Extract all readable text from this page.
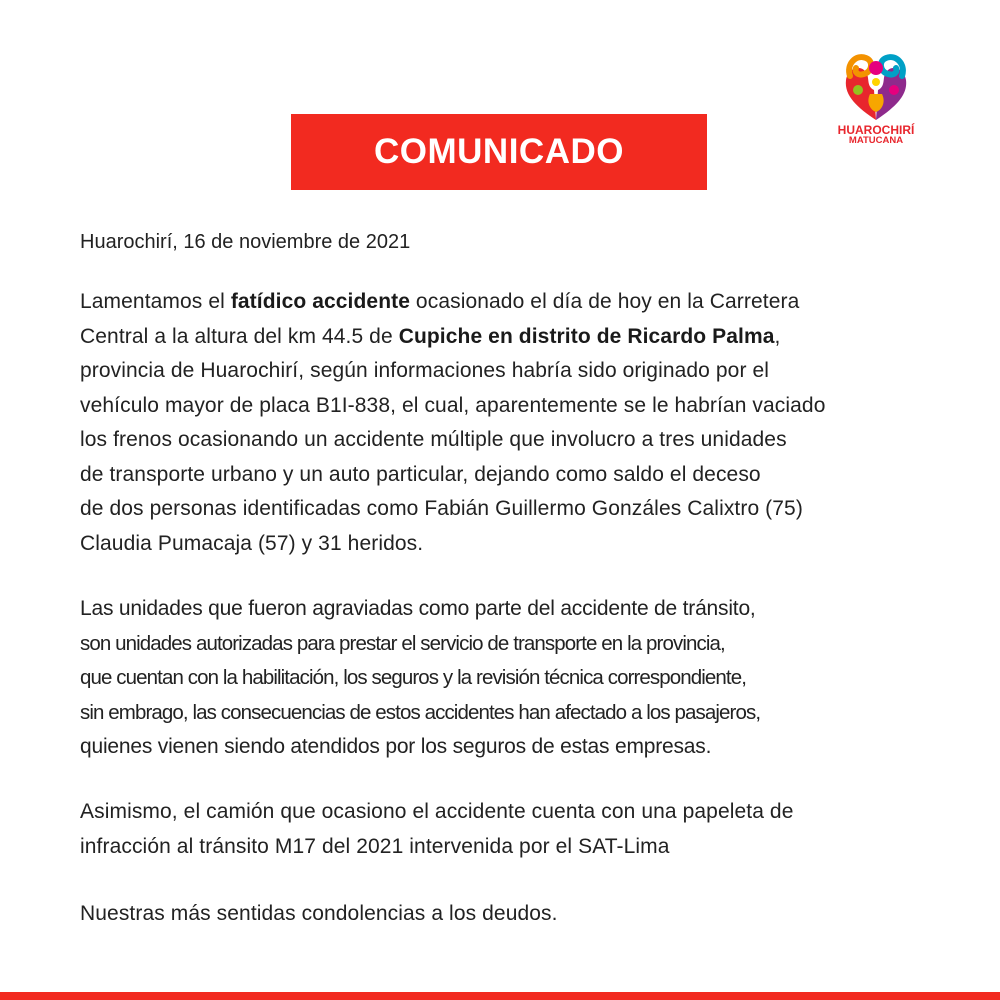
HUAROCHIRÍ
MATUCANA
COMUNICADO
Huarochirí, 16 de noviembre de 2021
Lamentamos el fatídico accidente ocasionado el día de hoy en la Carretera
Central a la altura del km 44.5 de Cupiche en distrito de Ricardo Palma,
provincia de Huarochirí, según informaciones habría sido originado por el
vehículo mayor de placa B1I-838, el cual, aparentemente se le habrían vaciado
los frenos ocasionando un accidente múltiple que involucro a tres unidades
de transporte urbano y un auto particular, dejando como saldo el deceso
de dos personas identificadas como Fabián Guillermo Gonzáles Calixtro (75)
Claudia Pumacaja (57) y 31 heridos.
Las unidades que fueron agraviadas como parte del accidente de tránsito,
son unidades autorizadas para prestar el servicio de transporte en la provincia,
que cuentan con la habilitación, los seguros y la revisión técnica correspondiente,
sin embrago, las consecuencias de estos accidentes han afectado a los pasajeros,
quienes vienen siendo atendidos por los seguros de estas empresas.
Asimismo, el camión que ocasiono el accidente cuenta con una papeleta de
infracción al tránsito M17 del 2021 intervenida por el SAT-Lima
Nuestras más sentidas condolencias a los deudos.
